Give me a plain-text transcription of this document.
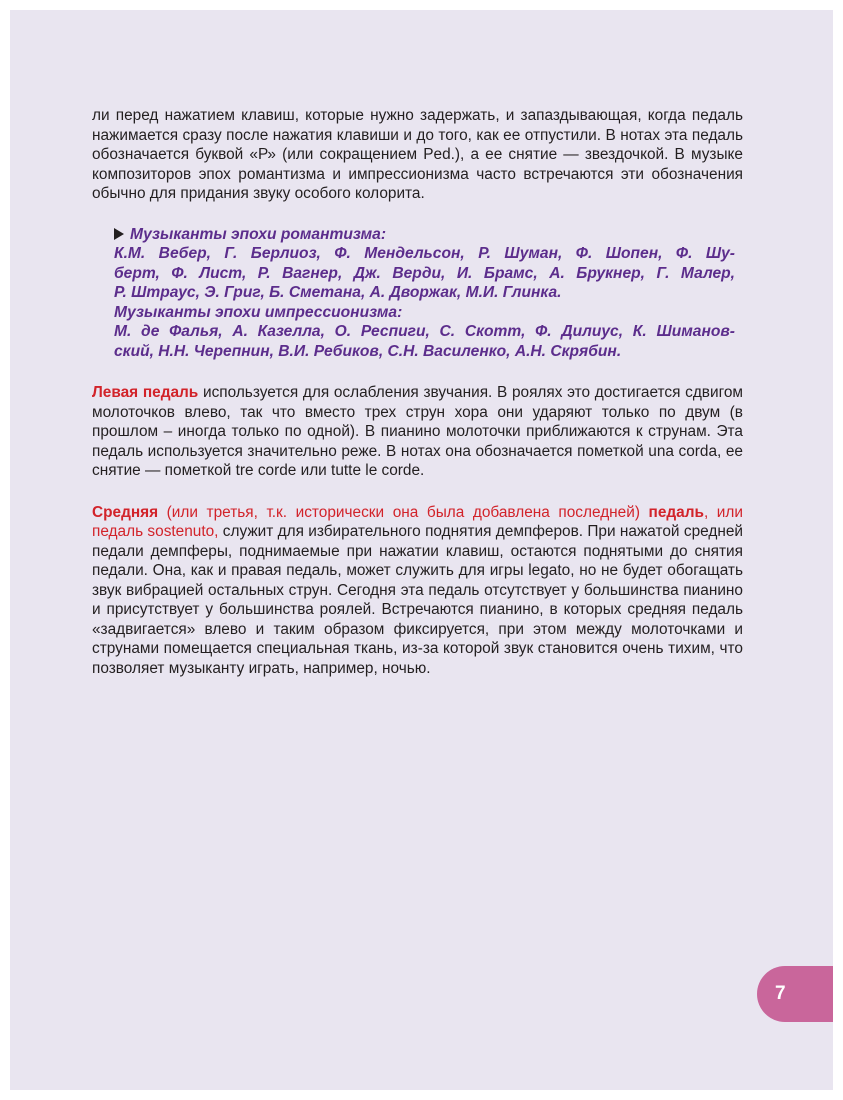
ли перед нажатием клавиш, которые нужно задержать, и запаздывающая, когда педаль нажимается сразу после нажатия клавиши и до того, как ее отпустили. В нотах эта педаль обозначается буквой «Р» (или сокращением Ped.), а ее снятие — звездочкой. В музыке композиторов эпох романтизма и импрессионизма часто встречаются эти обозначения обычно для придания звуку особого колорита.

Музыканты эпохи романтизма:
К.М. Вебер, Г. Берлиоз, Ф. Мендельсон, Р. Шуман, Ф. Шопен, Ф. Шу-
берт, Ф. Лист, Р. Вагнер, Дж. Верди, И. Брамс, А. Брукнер, Г. Малер,
Р. Штраус, Э. Григ, Б. Сметана, А. Дворжак, М.И. Глинка.
Музыканты эпохи импрессионизма:
М. де Фалья, А. Казелла, О. Респиги, С. Скотт, Ф. Дилиус, К. Шиманов-
ский, Н.Н. Черепнин, В.И. Ребиков, С.Н. Василенко, А.Н. Скрябин.

Левая педаль используется для ослабления звучания. В роялях это достигается сдвигом молоточков влево, так что вместо трех струн хора они ударяют только по двум (в прошлом – иногда только по одной). В пианино молоточки приближаются к струнам. Эта педаль используется значительно реже. В нотах она обозначается пометкой una corda, ее снятие — пометкой tre corde или tutte le corde.

Средняя (или третья, т.к. исторически она была добавлена последней) педаль, или педаль sostenuto, служит для избирательного поднятия демпферов. При нажатой средней педали демпферы, поднимаемые при нажатии клавиш, остаются поднятыми до снятия педали. Она, как и правая педаль, может служить для игры legato, но не будет обогащать звук вибрацией остальных струн. Сегодня эта педаль отсутствует у большинства пианино и присутствует у большинства роялей. Встречаются пианино, в которых средняя педаль «задвигается» влево и таким образом фиксируется, при этом между молоточками и струнами помещается специальная ткань, из-за которой звук становится очень тихим, что позволяет музыканту играть, например, ночью.

7
